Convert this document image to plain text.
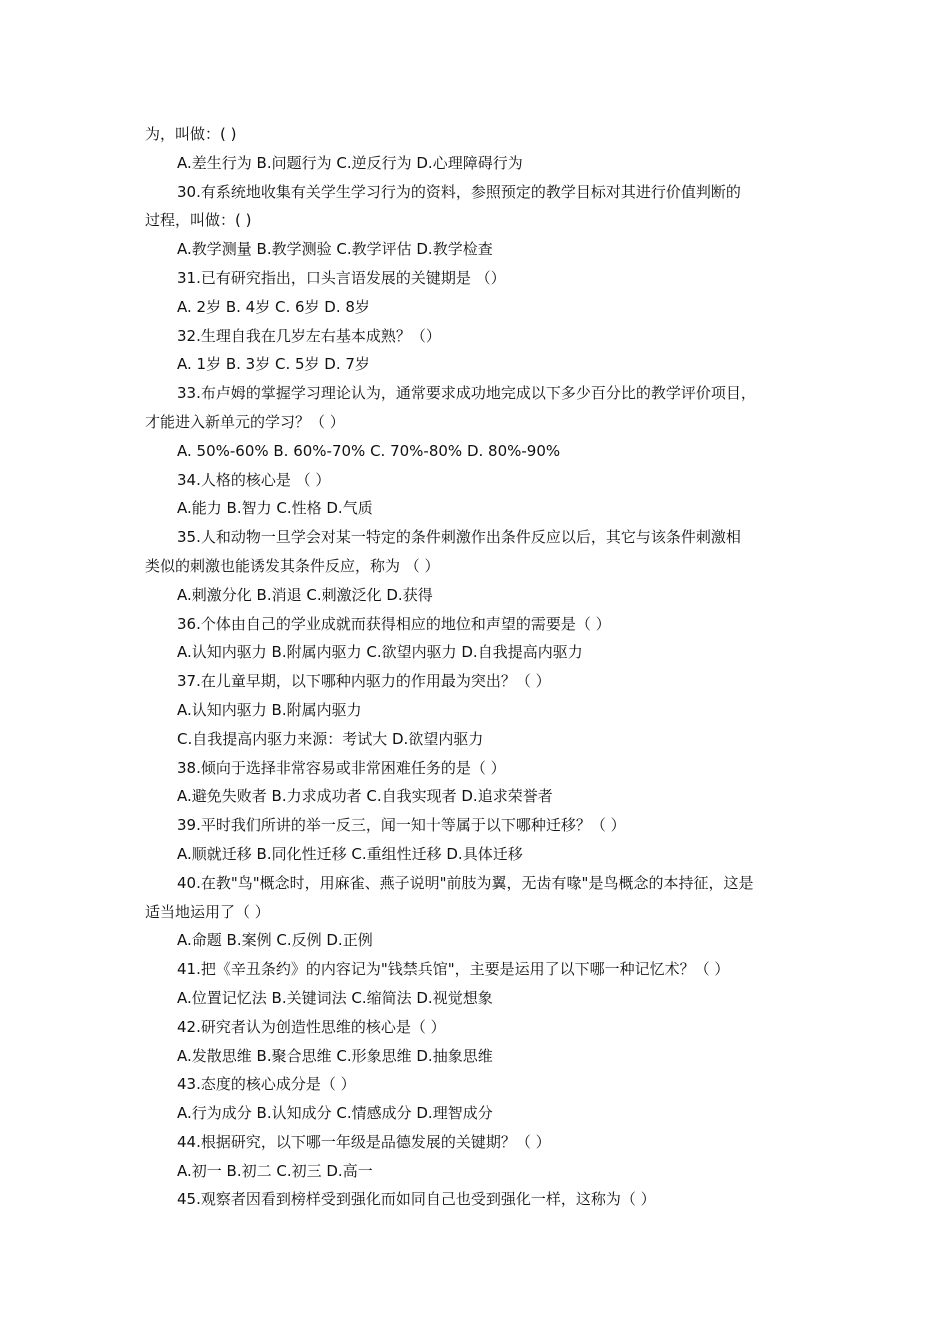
为，叫做：( )
A.差生行为 B.问题行为 C.逆反行为 D.心理障碍行为
30.有系统地收集有关学生学习行为的资料，参照预定的教学目标对其进行价值判断的
过程，叫做：( )
A.教学测量 B.教学测验 C.教学评估 D.教学检查
31.已有研究指出，口头言语发展的关键期是 （）
A. 2岁 B. 4岁 C. 6岁 D. 8岁
32.生理自我在几岁左右基本成熟？（）
A. 1岁 B. 3岁 C. 5岁 D. 7岁
33.布卢姆的掌握学习理论认为，通常要求成功地完成以下多少百分比的教学评价项目，
才能进入新单元的学习？（ ）
A. 50%-60% B. 60%-70% C. 70%-80% D. 80%-90%
34.人格的核心是 （ ）
A.能力 B.智力 C.性格 D.气质
35.人和动物一旦学会对某一特定的条件刺激作出条件反应以后，其它与该条件刺激相
类似的刺激也能诱发其条件反应，称为 （ ）
A.刺激分化 B.消退 C.刺激泛化 D.获得
36.个体由自己的学业成就而获得相应的地位和声望的需要是（ ）
A.认知内驱力 B.附属内驱力 C.欲望内驱力 D.自我提高内驱力
37.在儿童早期，以下哪种内驱力的作用最为突出？（ ）
A.认知内驱力 B.附属内驱力
C.自我提高内驱力来源：考试大 D.欲望内驱力
38.倾向于选择非常容易或非常困难任务的是（ ）
A.避免失败者 B.力求成功者 C.自我实现者 D.追求荣誉者
39.平时我们所讲的举一反三，闻一知十等属于以下哪种迁移？（ ）
A.顺就迁移 B.同化性迁移 C.重组性迁移 D.具体迁移
40.在教"鸟"概念时，用麻雀、燕子说明"前肢为翼，无齿有喙"是鸟概念的本持征，这是
适当地运用了（ ）
A.命题 B.案例 C.反例 D.正例
41.把《辛丑条约》的内容记为"钱禁兵馆"，主要是运用了以下哪一种记忆术？（ ）
A.位置记忆法 B.关键词法 C.缩简法 D.视觉想象
42.研究者认为创造性思维的核心是（ ）
A.发散思维 B.聚合思维 C.形象思维 D.抽象思维
43.态度的核心成分是（ ）
A.行为成分 B.认知成分 C.情感成分 D.理智成分
44.根据研究，以下哪一年级是品德发展的关键期？（ ）
A.初一 B.初二 C.初三 D.高一
45.观察者因看到榜样受到强化而如同自己也受到强化一样，这称为（ ）
